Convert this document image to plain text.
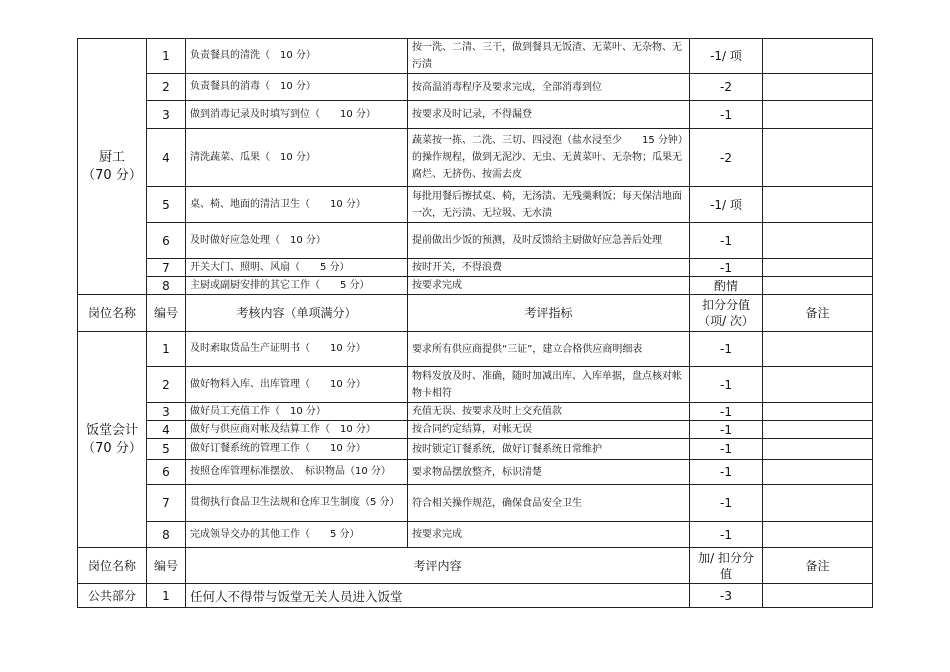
厨工
（70 分）	1	负责餐具的清洗（　10 分）	按一洗、二清、三干，做到餐具无饭渣、无菜叶、无杂物、无污渍	-1/ 项	
	2	负责餐具的消毒（　10 分）	按高温消毒程序及要求完成，全部消毒到位	-2	
	3	做到消毒记录及时填写到位（　　10 分）	按要求及时记录，不得漏登	-1	
	4	清洗蔬菜、瓜果（　10 分）	蔬菜按一拣、二洗、三切、四浸泡（盐水浸至少　　15 分钟）的操作规程，做到无泥沙、无虫、无黄菜叶、无杂物；瓜果无腐烂、无挤伤、按需去皮	-2	
	5	桌、椅、地面的清洁卫生（　　10 分）	每批用餐后擦拭桌、椅，无汤渍、无残羹剩饭；每天保洁地面一次，无污渍、无垃圾、无水渍	-1/ 项	
	6	及时做好应急处理（　10 分）	提前做出少饭的预测，及时反馈给主厨做好应急善后处理	-1	
	7	开关大门、照明、风扇（　　5 分）	按时开关，不得浪费	-1	
	8	主厨或副厨安排的其它工作（　　5 分）	按要求完成	酌情	
岗位名称	编号	考核内容（单项满分）	考评指标	扣分分值（项/ 次）	备注

饭堂会计
（70 分）	1	及时索取货品生产证明书（　　10 分）	要求所有供应商提供“三证”，建立合格供应商明细表	-1	
	2	做好物料入库、出库管理（　　10 分）	物料发放及时、准确，随时加减出库、入库单据，盘点核对帐物卡相符	-1	
	3	做好员工充值工作（　10 分）	充值无误、按要求及时上交充值款	-1	
	4	做好与供应商对帐及结算工作（　10 分）	按合同约定结算，对帐无误	-1	
	5	做好订餐系统的管理工作（　　10 分）	按时锁定订餐系统，做好订餐系统日常维护	-1	
	6	按照仓库管理标准摆放、　标识物品（10 分）	要求物品摆放整齐，标识清楚	-1	
	7	贯彻执行食品卫生法规和仓库卫生制度（5 分）	符合相关操作规范，确保食品安全卫生	-1	
	8	完成领导交办的其他工作（　　5 分）	按要求完成	-1	
岗位名称	编号	考评内容		加/ 扣分分值	备注
公共部分	1	任何人不得带与饭堂无关人员进入饭堂		-3	
